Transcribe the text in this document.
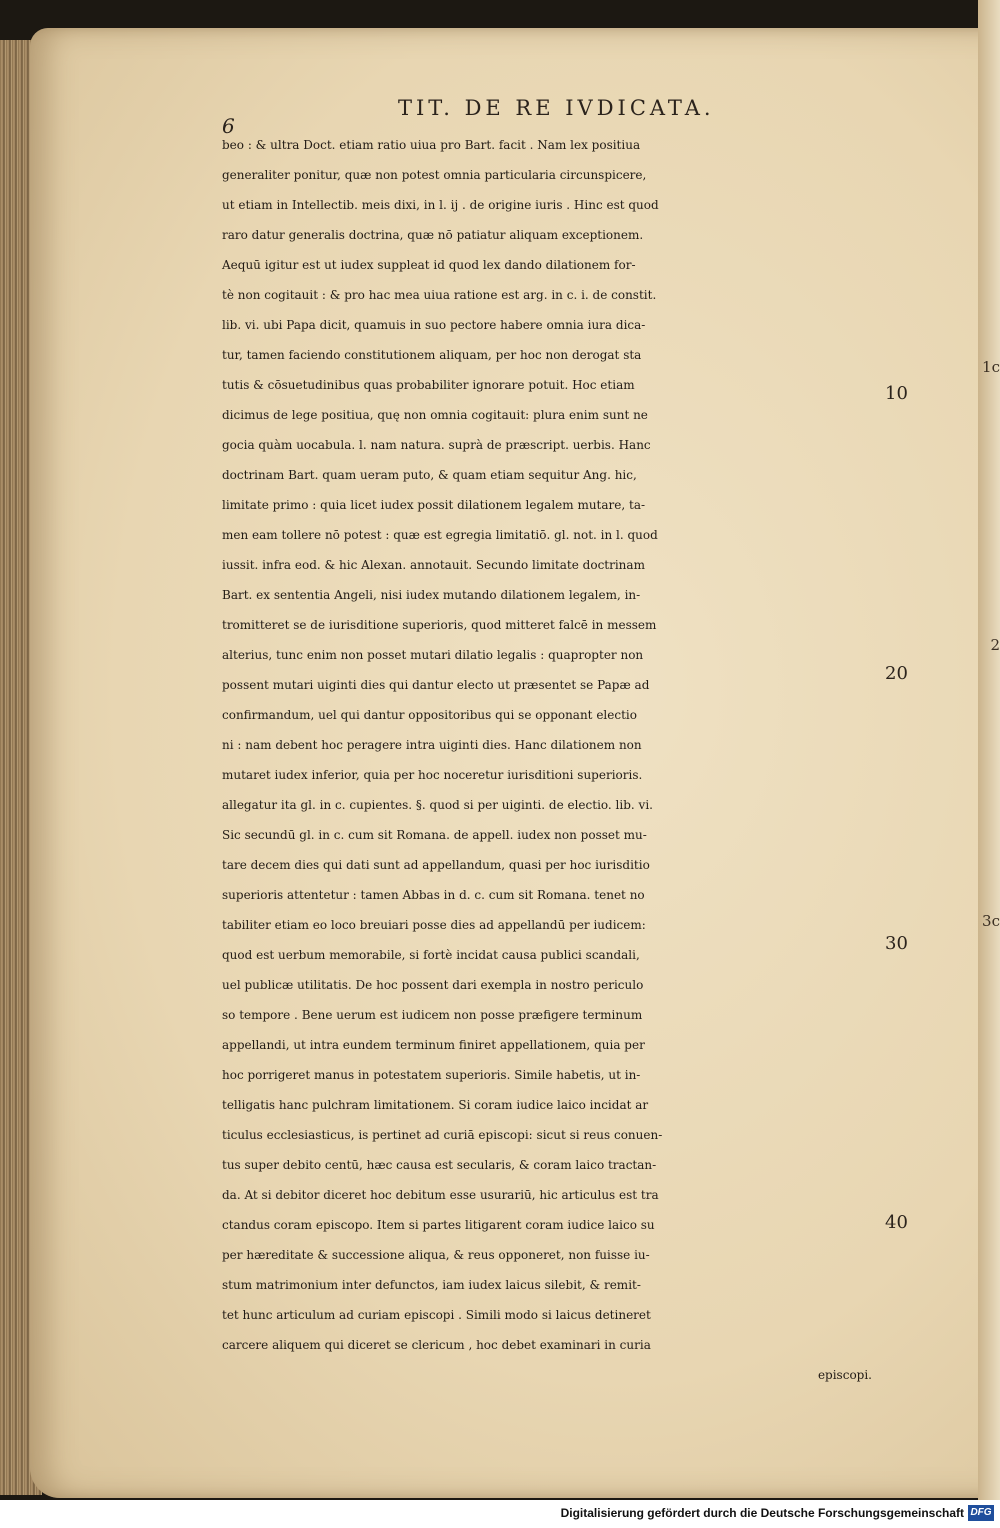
1c
2
3c
6
TIT. DE RE IVDICATA.
beo : & ultra Doct. etiam ratio uiua pro Bart. facit . Nam lex positiua
generaliter ponitur, quæ non potest omnia particularia circunspicere,
ut etiam in Intellectib. meis dixi, in l. ij . de origine iuris . Hinc est quod
raro datur generalis doctrina, quæ nō patiatur aliquam exceptionem.
Aequū igitur est ut iudex suppleat id quod lex dando dilationem for-
tè non cogitauit : & pro hac mea uiua ratione est arg. in c. i. de constit.
lib. vi. ubi Papa dicit, quamuis in suo pectore habere omnia iura dica-
tur, tamen faciendo constitutionem aliquam, per hoc non derogat sta
tutis & cōsuetudinibus quas probabiliter ignorare potuit. Hoc etiam
dicimus de lege positiua, quę non omnia cogitauit: plura enim sunt ne
gocia quàm uocabula. l. nam natura. suprà de præscript. uerbis. Hanc
doctrinam Bart. quam ueram puto, & quam etiam sequitur Ang. hic,
limitate primo : quia licet iudex possit dilationem legalem mutare, ta-
men eam tollere nō potest : quæ est egregia limitatiō. gl. not. in l. quod
iussit. infra eod. & hic Alexan. annotauit. Secundo limitate doctrinam
Bart. ex sententia Angeli, nisi iudex mutando dilationem legalem, in-
tromitteret se de iurisditione superioris, quod mitteret falcē in messem
alterius, tunc enim non posset mutari dilatio legalis : quapropter non
possent mutari uiginti dies qui dantur electo ut præsentet se Papæ ad
confirmandum, uel qui dantur oppositoribus qui se opponant electio
ni : nam debent hoc peragere intra uiginti dies. Hanc dilationem non
mutaret iudex inferior, quia per hoc noceretur iurisditioni superioris.
allegatur ita gl. in c. cupientes. §. quod si per uiginti. de electio. lib. vi.
Sic secundū gl. in c. cum sit Romana. de appell. iudex non posset mu-
tare decem dies qui dati sunt ad appellandum, quasi per hoc iurisditio
superioris attentetur : tamen Abbas in d. c. cum sit Romana. tenet no
tabiliter etiam eo loco breuiari posse dies ad appellandū per iudicem:
quod est uerbum memorabile, si fortè incidat causa publici scandali,
uel publicæ utilitatis. De hoc possent dari exempla in nostro periculo
so tempore . Bene uerum est iudicem non posse præfigere terminum
appellandi, ut intra eundem terminum finiret appellationem, quia per
hoc porrigeret manus in potestatem superioris. Simile habetis, ut in-
telligatis hanc pulchram limitationem. Si coram iudice laico incidat ar
ticulus ecclesiasticus, is pertinet ad curiā episcopi: sicut si reus conuen-
tus super debito centū, hæc causa est secularis, & coram laico tractan-
da. At si debitor diceret hoc debitum esse usurariū, hic articulus est tra
ctandus coram episcopo. Item si partes litigarent coram iudice laico su
per hæreditate & successione aliqua, & reus opponeret, non fuisse iu-
stum matrimonium inter defunctos, iam iudex laicus silebit, & remit-
tet hunc articulum ad curiam episcopi . Simili modo si laicus detineret
carcere aliquem qui diceret se clericum , hoc debet examinari in curia
episcopi.
10
20
30
40
Digitalisierung gefördert durch die Deutsche Forschungsgemeinschaft DFG
